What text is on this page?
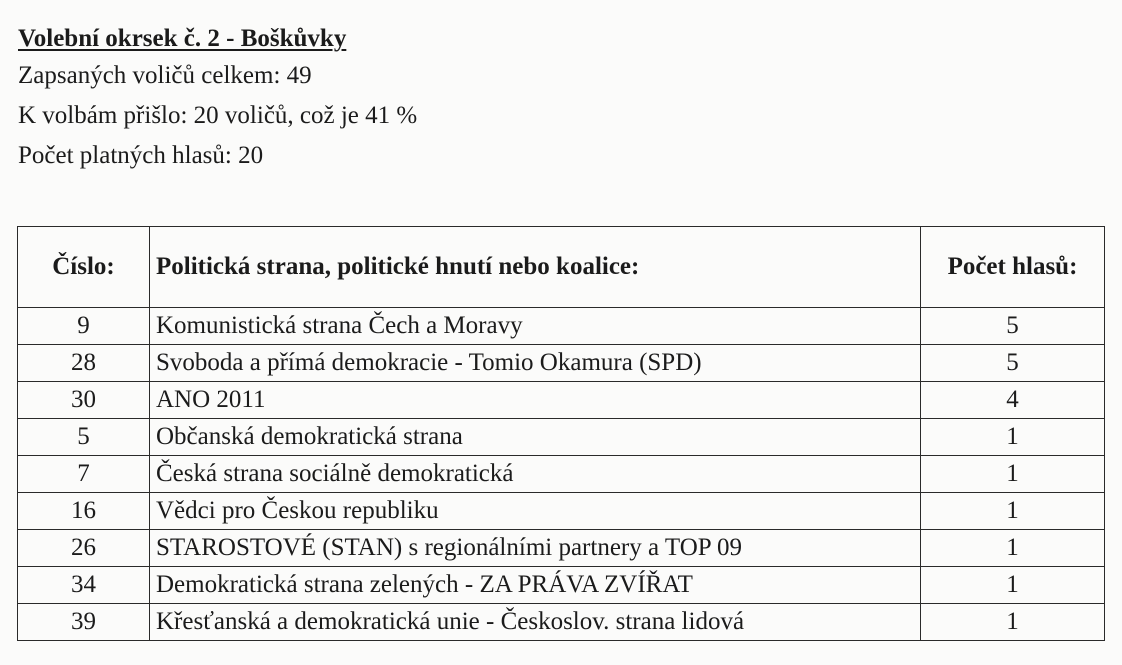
Volební okrsek č. 2 - Boškůvky
Zapsaných voličů celkem: 49
K volbám přišlo: 20 voličů, což je 41 %
Počet platných hlasů: 20
Číslo:	Politická strana, politické hnutí nebo koalice:	Počet hlasů:
9	Komunistická strana Čech a Moravy	5
28	Svoboda a přímá demokracie - Tomio Okamura (SPD)	5
30	ANO 2011	4
5	Občanská demokratická strana	1
7	Česká strana sociálně demokratická	1
16	Vědci pro Českou republiku	1
26	STAROSTOVÉ (STAN) s regionálními partnery a TOP 09	1
34	Demokratická strana zelených - ZA PRÁVA ZVÍŘAT	1
39	Křesťanská a demokratická unie - Českoslov. strana lidová	1
